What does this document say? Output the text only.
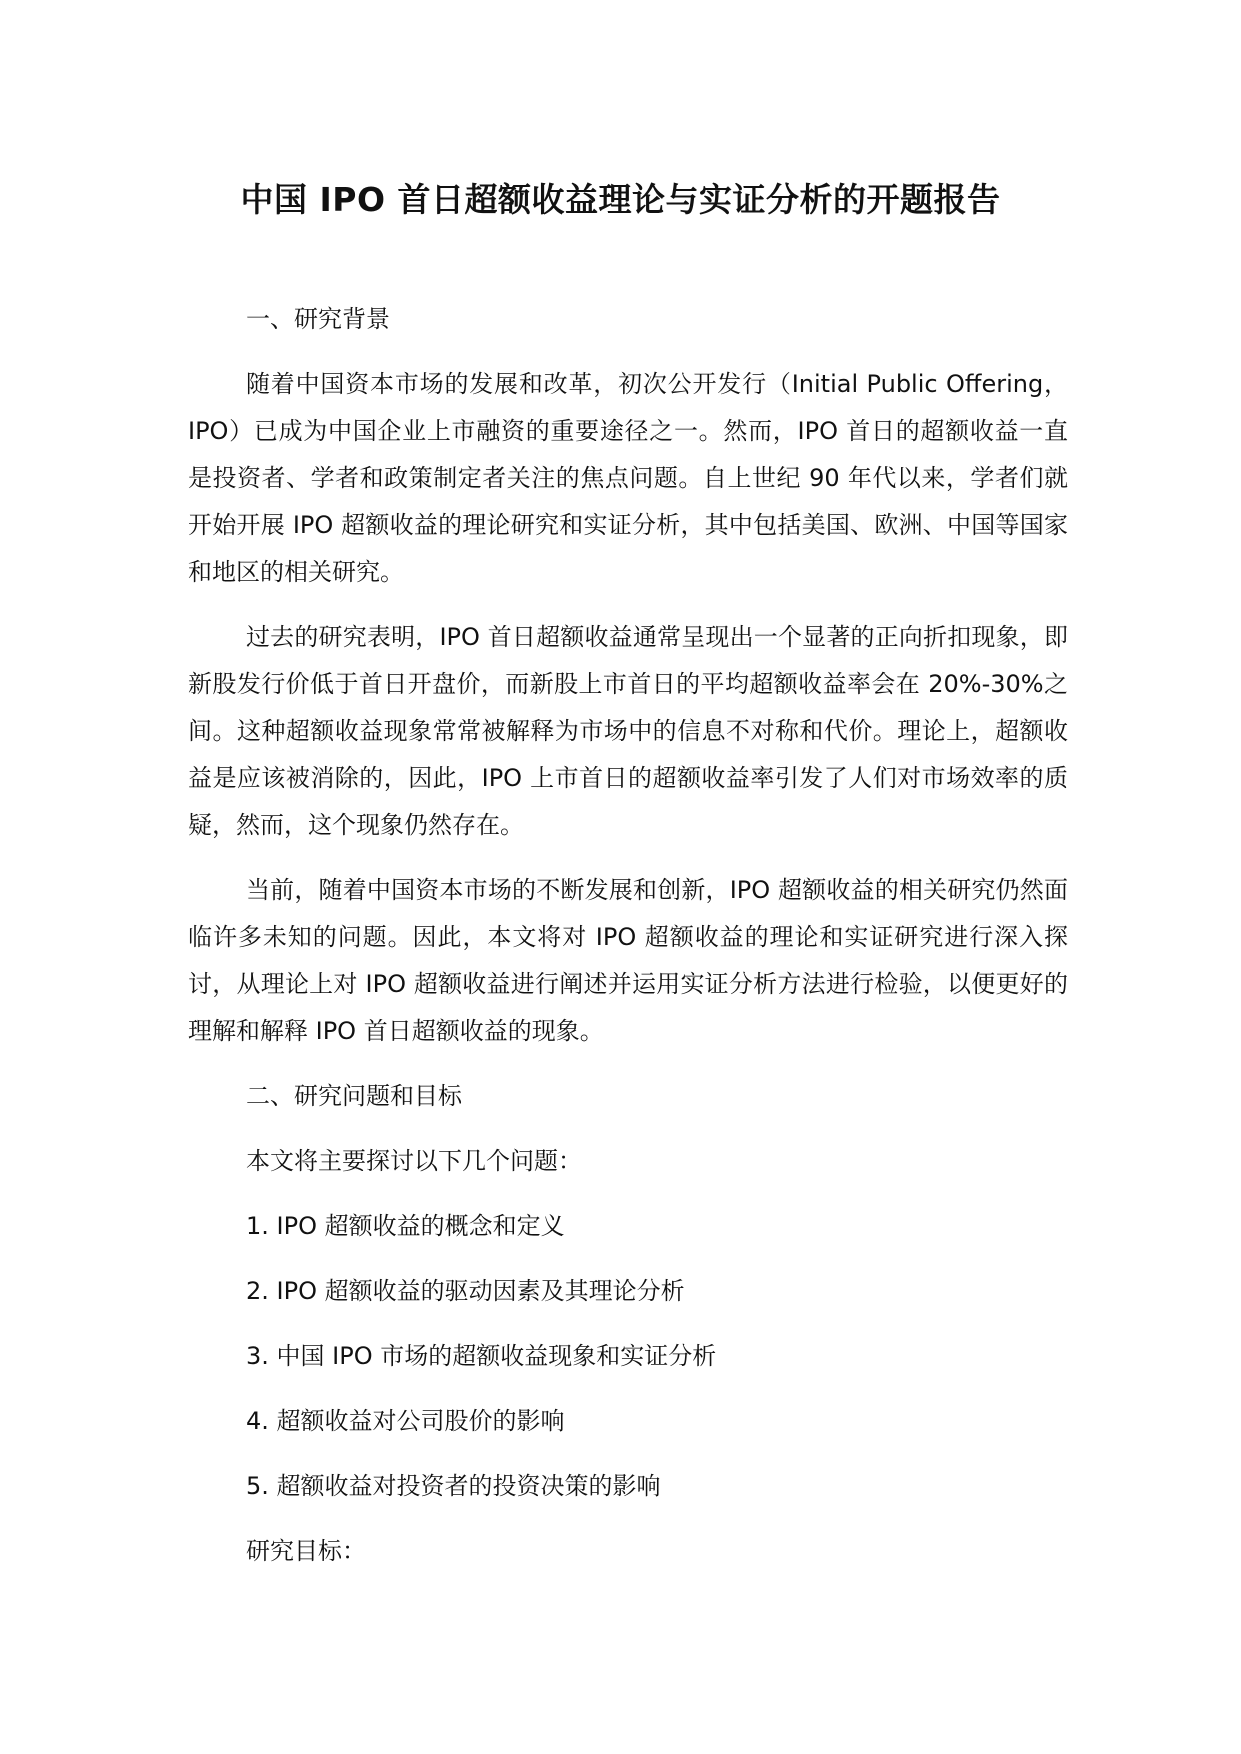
中国 IPO 首日超额收益理论与实证分析的开题报告

一、研究背景

随着中国资本市场的发展和改革，初次公开发行（Initial Public Offering，IPO）已成为中国企业上市融资的重要途径之一。然而，IPO 首日的超额收益一直是投资者、学者和政策制定者关注的焦点问题。自上世纪 90 年代以来，学者们就开始开展 IPO 超额收益的理论研究和实证分析，其中包括美国、欧洲、中国等国家和地区的相关研究。

过去的研究表明，IPO 首日超额收益通常呈现出一个显著的正向折扣现象，即新股发行价低于首日开盘价，而新股上市首日的平均超额收益率会在 20%-30%之间。这种超额收益现象常常被解释为市场中的信息不对称和代价。理论上，超额收益是应该被消除的，因此，IPO 上市首日的超额收益率引发了人们对市场效率的质疑，然而，这个现象仍然存在。

当前，随着中国资本市场的不断发展和创新，IPO 超额收益的相关研究仍然面临许多未知的问题。因此，本文将对 IPO 超额收益的理论和实证研究进行深入探讨，从理论上对 IPO 超额收益进行阐述并运用实证分析方法进行检验，以便更好的理解和解释 IPO 首日超额收益的现象。

二、研究问题和目标

本文将主要探讨以下几个问题：

1. IPO 超额收益的概念和定义

2. IPO 超额收益的驱动因素及其理论分析

3. 中国 IPO 市场的超额收益现象和实证分析

4. 超额收益对公司股价的影响

5. 超额收益对投资者的投资决策的影响

研究目标：
